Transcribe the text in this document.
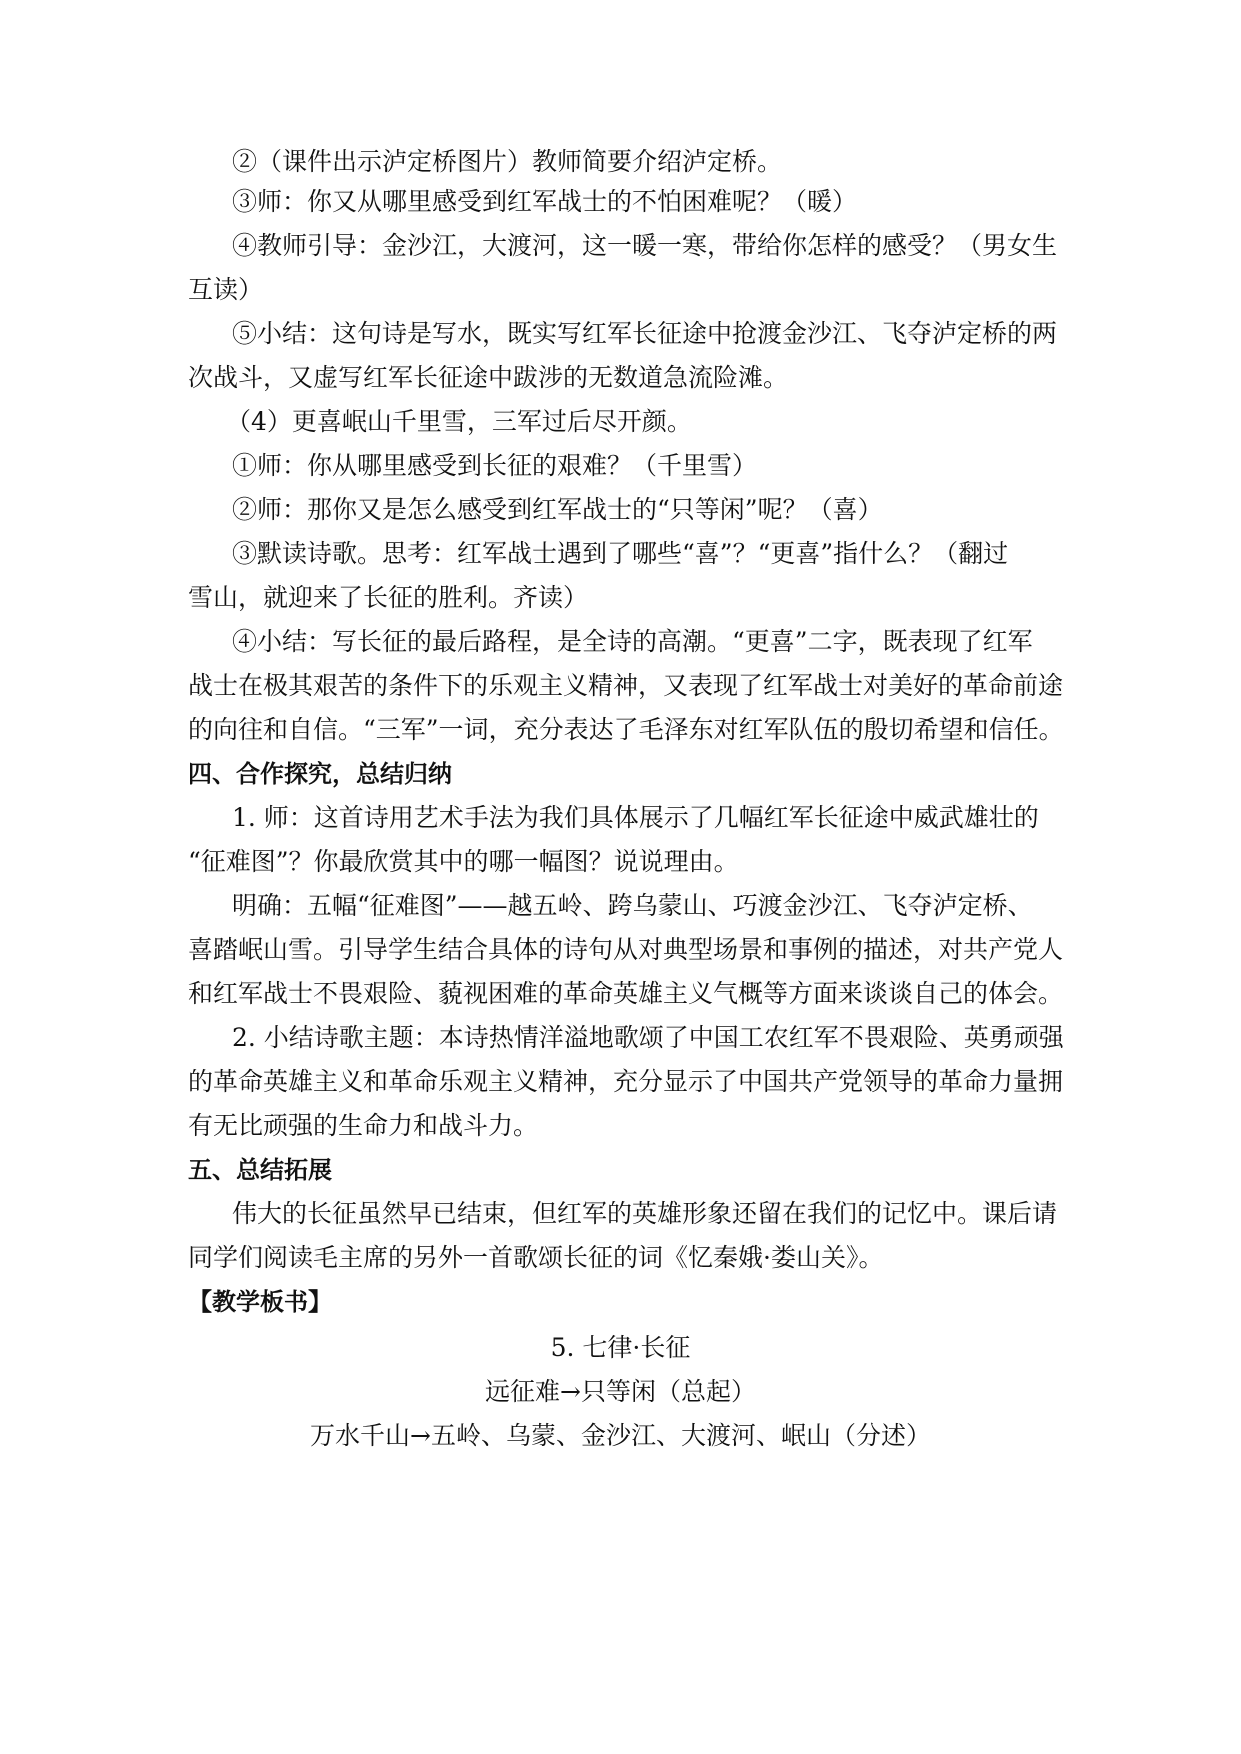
②（课件出示泸定桥图片）教师简要介绍泸定桥。
③师：你又从哪里感受到红军战士的不怕困难呢？（暖）
④教师引导：金沙江，大渡河，这一暖一寒，带给你怎样的感受？（男女生
互读）
⑤小结：这句诗是写水，既实写红军长征途中抢渡金沙江、飞夺泸定桥的两
次战斗，又虚写红军长征途中跋涉的无数道急流险滩。
（4）更喜岷山千里雪，三军过后尽开颜。
①师：你从哪里感受到长征的艰难？（千里雪）
②师：那你又是怎么感受到红军战士的“只等闲”呢？（喜）
③默读诗歌。思考：红军战士遇到了哪些“喜”？“更喜”指什么？（翻过
雪山，就迎来了长征的胜利。齐读）
④小结：写长征的最后路程，是全诗的高潮。“更喜”二字，既表现了红军
战士在极其艰苦的条件下的乐观主义精神，又表现了红军战士对美好的革命前途
的向往和自信。“三军”一词，充分表达了毛泽东对红军队伍的殷切希望和信任。
四、合作探究，总结归纳
1. 师：这首诗用艺术手法为我们具体展示了几幅红军长征途中威武雄壮的
“征难图”？你最欣赏其中的哪一幅图？说说理由。
明确：五幅“征难图”——越五岭、跨乌蒙山、巧渡金沙江、飞夺泸定桥、
喜踏岷山雪。引导学生结合具体的诗句从对典型场景和事例的描述，对共产党人
和红军战士不畏艰险、藐视困难的革命英雄主义气概等方面来谈谈自己的体会。
2. 小结诗歌主题：本诗热情洋溢地歌颂了中国工农红军不畏艰险、英勇顽强
的革命英雄主义和革命乐观主义精神，充分显示了中国共产党领导的革命力量拥
有无比顽强的生命力和战斗力。
五、总结拓展
伟大的长征虽然早已结束，但红军的英雄形象还留在我们的记忆中。课后请
同学们阅读毛主席的另外一首歌颂长征的词《忆秦娥·娄山关》。
【教学板书】
5. 七律·长征
远征难→只等闲（总起）
万水千山→五岭、乌蒙、金沙江、大渡河、岷山（分述）
